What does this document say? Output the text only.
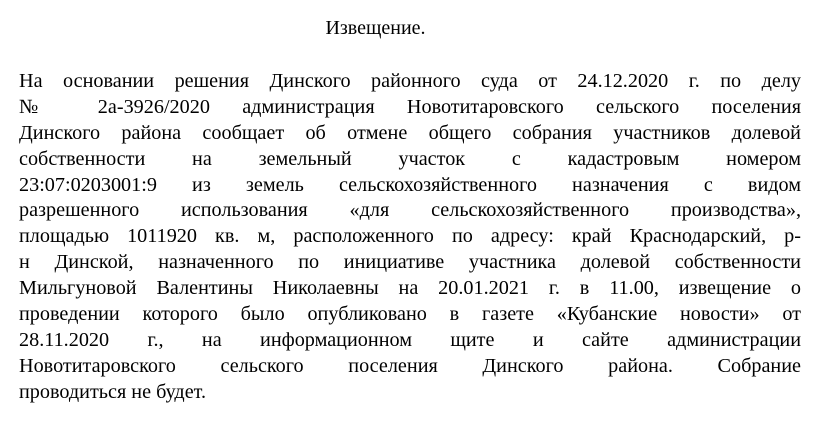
Извещение.
На основании решения Динского районного суда от 24.12.2020 г. по делу
№ 2а-3926/2020 администрация Новотитаровского сельского поселения
Динского района сообщает об отмене общего собрания участников долевой
собственности на земельный участок с кадастровым номером
23:07:0203001:9 из земель сельскохозяйственного назначения с видом
разрешенного использования «для сельскохозяйственного производства»,
площадью 1011920 кв. м, расположенного по адресу: край Краснодарский, р-
н Динской, назначенного по инициативе участника долевой собственности
Мильгуновой Валентины Николаевны на 20.01.2021 г. в 11.00, извещение о
проведении которого было опубликовано в газете «Кубанские новости» от
28.11.2020 г., на информационном щите и сайте администрации
Новотитаровского сельского поселения Динского района. Собрание
проводиться не будет.
